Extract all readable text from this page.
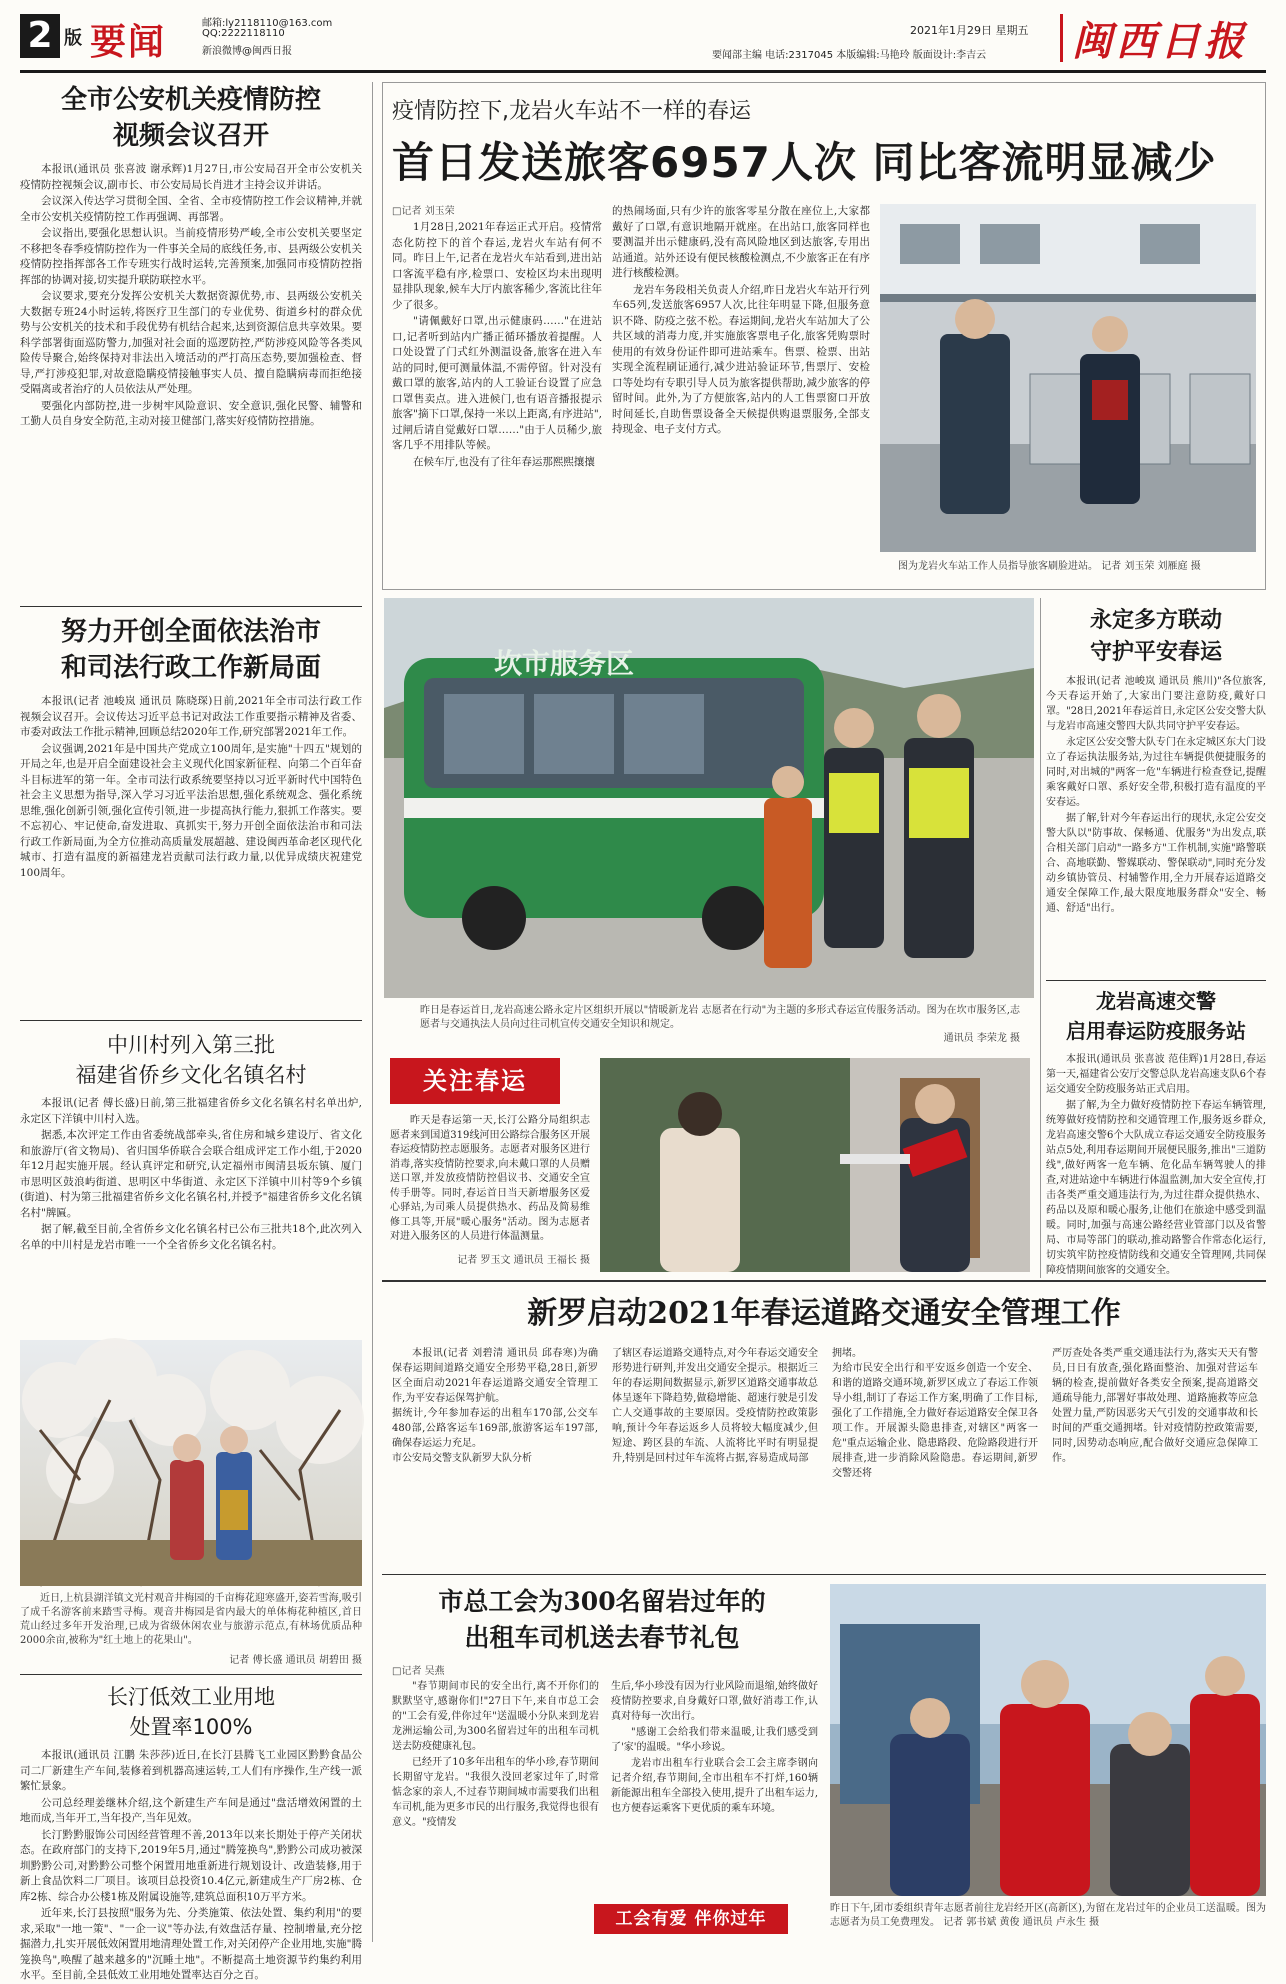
2 版 要闻	邮箱:ly2118110@163.com
QQ:2222118110
新浪微博@闽西日报
2021年1月29日 星期五
要闻部主编 电话:2317045 本版编辑:马艳玲 版面设计:李吉云 闽西日报
全市公安机关疫情防控
视频会议召开

本报讯(通讯员 张喜波 谢承辉)1月27日,市公安局召开全市公安机关疫情防控视频会议,副市长、市公安局局长肖进才主持会议并讲话。

会议深入传达学习贯彻全国、全省、全市疫情防控工作会议精神,并就全市公安机关疫情防控工作再强调、再部署。

会议指出,要强化思想认识。当前疫情形势严峻,全市公安机关要坚定不移把冬春季疫情防控作为一件事关全局的底线任务,市、县两级公安机关疫情防控指挥部各工作专班实行战时运转,完善预案,加强同市疫情防控指挥部的协调对接,切实提升联防联控水平。

会议要求,要充分发挥公安机关大数据资源优势,市、县两级公安机关大数据专班24小时运转,将医疗卫生部门的专业优势、街道乡村的群众优势与公安机关的技术和手段优势有机结合起来,达到资源信息共享效果。要科学部署街面巡防警力,加强对社会面的巡逻防控,严防涉疫风险等各类风险传导聚合,始终保持对非法出入境活动的严打高压态势,要加强检查、督导,严打涉疫犯罪,对故意隐瞒疫情接触事实人员、擅自隐瞒病毒而拒绝接受隔离或者治疗的人员依法从严处理。

要强化内部防控,进一步树牢风险意识、安全意识,强化民警、辅警和工勤人员自身安全防范,主动对接卫健部门,落实好疫情防控措施。

努力开创全面依法治市
和司法行政工作新局面

本报讯(记者 池峻岚 通讯员 陈晓琛)日前,2021年全市司法行政工作视频会议召开。会议传达习近平总书记对政法工作重要指示精神及省委、市委对政法工作批示精神,回顾总结2020年工作,研究部署2021年工作。

会议强调,2021年是中国共产党成立100周年,是实施"十四五"规划的开局之年,也是开启全面建设社会主义现代化国家新征程、向第二个百年奋斗目标进军的第一年。全市司法行政系统要坚持以习近平新时代中国特色社会主义思想为指导,深入学习习近平法治思想,强化系统观念、强化系统思维,强化创新引领,强化宣传引领,进一步提高执行能力,狠抓工作落实。要不忘初心、牢记使命,奋发进取、真抓实干,努力开创全面依法治市和司法行政工作新局面,为全方位推动高质量发展超越、建设闽西革命老区现代化城市、打造有温度的新福建龙岩贡献司法行政力量,以优异成绩庆祝建党100周年。

中川村列入第三批
福建省侨乡文化名镇名村

本报讯(记者 傅长盛)日前,第三批福建省侨乡文化名镇名村名单出炉,永定区下洋镇中川村入选。

据悉,本次评定工作由省委统战部牵头,省住房和城乡建设厅、省文化和旅游厅(省文物局)、省归国华侨联合会联合组成评定工作小组,于2020年12月起实施开展。经认真评定和研究,认定福州市闽清县坂东镇、厦门市思明区鼓浪屿街道、思明区中华街道、永定区下洋镇中川村等9个乡镇(街道)、村为第三批福建省侨乡文化名镇名村,并授予"福建省侨乡文化名镇名村"牌匾。

据了解,截至目前,全省侨乡文化名镇名村已公布三批共18个,此次列入名单的中川村是龙岩市唯一一个全省侨乡文化名镇名村。

近日,上杭县湖洋镇文光村观音井梅园的千亩梅花迎寒盛开,姿若雪海,吸引了成千名游客前来踏雪寻梅。观音井梅园是省内最大的单体梅花种植区,首日荒山经过多年开发治理,已成为省级休闲农业与旅游示范点,有林场优质品种2000余亩,被称为"红土地上的花果山"。
记者 傅长盛 通讯员 胡碧田 摄
长汀低效工业用地
处置率100%

本报讯(通讯员 江鹏 朱莎莎)近日,在长汀县腾飞工业园区黔黔食品公司二厂新建生产车间,装修着到机器高速运转,工人们有序操作,生产线一派繁忙景象。

公司总经理姜继林介绍,这个新建生产车间是通过"盘活增效闲置的土地而成,当年开工,当年投产,当年见效。

长汀黔黔服饰公司因经营管理不善,2013年以来长期处于停产关闭状态。在政府部门的支持下,2019年5月,通过"腾笼换鸟",黔黔公司成功被深圳黔黔公司,对黔黔公司整个闲置用地重新进行规划设计、改造装修,用于新上食品饮料二厂项目。该项目总投资10.4亿元,新建成生产厂房2栋、仓库2栋、综合办公楼1栋及附属设施等,建筑总面积10万平方米。

近年来,长汀县按照"服务为先、分类施策、依法处置、集约利用"的要求,采取"一地一策"、"一企一议"等办法,有效盘活存量、控制增量,充分挖掘潜力,扎实开展低效闲置用地清理处置工作,对关闭停产企业用地,实施"腾笼换鸟",唤醒了越来越多的"沉睡土地"。不断提高土地资源节约集约利用水平。至目前,全县低效工业用地处置率达百分之百。

疫情防控下,龙岩火车站不一样的春运
首日发送旅客6957人次 同比客流明显减少
□记者 刘玉荣

1月28日,2021年春运正式开启。疫情常态化防控下的首个春运,龙岩火车站有何不同。昨日上午,记者在龙岩火车站看到,进出站口客流平稳有序,检票口、安检区均未出现明显排队现象,候车大厅内旅客稀少,客流比往年少了很多。

"请佩戴好口罩,出示健康码……"在进站口,记者听到站内广播正循环播放着提醒。人口处设置了门式红外测温设备,旅客在进入车站的同时,便可测量体温,不需停留。针对没有戴口罩的旅客,站内的人工验证台设置了应急口罩售卖点。进入进候门,也有语音播报提示旅客"摘下口罩,保持一米以上距离,有序进站",过闸后请自觉戴好口罩……"由于人员稀少,旅客几乎不用排队等候。

在候车厅,也没有了往年春运那熙熙攘攘

的热闹场面,只有少许的旅客零星分散在座位上,大家都戴好了口罩,有意识地隔开就座。在出站口,旅客同样也要测温并出示健康码,没有高风险地区到达旅客,专用出站通道。站外还设有便民核酸检测点,不少旅客正在有序进行核酸检测。

龙岩车务段相关负责人介绍,昨日龙岩火车站开行列车65列,发送旅客6957人次,比往年明显下降,但服务意识不降、防疫之弦不松。春运期间,龙岩火车站加大了公共区域的消毒力度,并实施旅客票电子化,旅客凭购票时使用的有效身份证件即可进站乘车。售票、检票、出站实现全流程刷证通行,减少进站验证环节,售票厅、安检口等处均有专职引导人员为旅客提供帮助,减少旅客的停留时间。此外,为了方便旅客,站内的人工售票窗口开放时间延长,自助售票设备全天候提供购退票服务,全部支持现金、电子支付方式。

图为龙岩火车站工作人员指导旅客刷脸进站。 记者 刘玉荣 刘雁庭 摄
坎市服务区
昨日是春运首日,龙岩高速公路永定片区组织开展以"情暖新龙岩 志愿者在行动"为主题的多形式春运宣传服务活动。图为在坎市服务区,志愿者与交通执法人员向过往司机宣传交通安全知识和规定。
通讯员 李荣龙 摄
永定多方联动
守护平安春运

本报讯(记者 池峻岚 通讯员 熊川)"各位旅客,今天春运开始了,大家出门要注意防疫,戴好口罩。"28日,2021年春运首日,永定区公安交警大队与龙岩市高速交警四大队共同守护平安春运。

永定区公安交警大队专门在永定城区东大门设立了春运执法服务站,为过往车辆提供便捷服务的同时,对出城的"两客一危"车辆进行检查登记,提醒乘客戴好口罩、系好安全带,积极打造有温度的平安春运。

据了解,针对今年春运出行的现状,永定公安交警大队以"防事故、保畅通、优服务"为出发点,联合相关部门启动"一路多方"工作机制,实施"路警联合、高地联勤、警媒联动、警保联动",同时充分发动乡镇协管员、村辅警作用,全力开展春运道路交通安全保障工作,最大限度地服务群众"安全、畅通、舒适"出行。

龙岩高速交警
启用春运防疫服务站

本报讯(通讯员 张喜波 范佳辉)1月28日,春运第一天,福建省公安厅交警总队龙岩高速支队6个春运交通安全防疫服务站正式启用。

据了解,为全力做好疫情防控下春运车辆管理,统筹做好疫情防控和交通管理工作,服务返乡群众,龙岩高速交警6个大队成立春运交通安全防疫服务站点5处,利用春运期间开展便民服务,推出"三道防线",做好两客一危车辆、危化品车辆驾驶人的排查,对进站途中车辆进行体温监测,加大安全宣传,打击各类严重交通违法行为,为过往群众提供热水、药品以及原和暖心服务,让他们在旅途中感受到温暖。同时,加强与高速公路经营业管部门以及省警局、市局等部门的联动,推动路警合作常态化运行,切实筑牢防控疫情防线和交通安全管理网,共同保障疫情期间旅客的交通安全。

关注春运

昨天是春运第一天,长汀公路分局组织志愿者来到国道319线河田公路综合服务区开展春运疫情防控志愿服务。志愿者对服务区进行消毒,落实疫情防控要求,向未戴口罩的人员赠送口罩,并发放疫情防控倡议书、交通安全宣传手册等。同时,春运首日当天新增服务区爱心驿站,为司乘人员提供热水、药品及简易维修工具等,开展"暖心服务"活动。图为志愿者对进入服务区的人员进行体温测量。

记者 罗玉文 通讯员 王福长 摄
新罗启动2021年春运道路交通安全管理工作
本报讯(记者 刘碧清 通讯员 邱春寒)为确保春运期间道路交通安全形势平稳,28日,新罗区全面启动2021年春运道路交通安全管理工作,为平安春运保驾护航。
据统计,今年参加春运的出租车170部,公交车480部,公路客运车169部,旅游客运车197部,确保春运运力充足。
市公安局交警支队新罗大队分析
了辖区春运道路交通特点,对今年春运交通安全形势进行研判,并发出交通安全提示。根据近三年的春运期间数据显示,新罗区道路交通事故总体呈逐年下降趋势,做稳增能、超速行驶是引发亡人交通事故的主要原因。受疫情防控政策影响,预计今年春运返乡人员将较大幅度减少,但短途、跨区县的车流、人流将比平时有明显提升,特别是回村过年车流将占据,容易造成局部
拥堵。
为给市民安全出行和平安返乡创造一个安全、和谐的道路交通环境,新罗区成立了春运工作领导小组,制订了春运工作方案,明确了工作目标,强化了工作措施,全力做好春运道路安全保卫各项工作。开展源头隐患排查,对辖区"两客一危"重点运输企业、隐患路段、危险路段进行开展排查,进一步消除风险隐患。春运期间,新罗交警还将
严厉查处各类严重交通违法行为,落实天天有警员,日日有放查,强化路面整治、加强对营运车辆的检查,提前做好各类安全预案,提高道路交通疏导能力,部署好事故处理、道路施救等应急处置力量,严防因恶劣天气引发的交通事故和长时间的严重交通拥堵。针对疫情防控政策需要,同时,因势动态响应,配合做好交通应急保障工作。
市总工会为300名留岩过年的
出租车司机送去春节礼包
□记者 吴燕

"春节期间市民的安全出行,离不开你们的默默坚守,感谢你们!"27日下午,来自市总工会的"工会有爱,伴你过年"送温暖小分队来到龙岩龙洲运输公司,为300名留岩过年的出租车司机送去防疫健康礼包。

已经开了10多年出租车的华小珍,春节期间长期留守龙岩。"我很久没回老家过年了,时常惦念家的亲人,不过春节期间城市需要我们出租车司机,能为更多市民的出行服务,我觉得也很有意义。"疫情发

生后,华小珍没有因为行业风险而退缩,始终做好疫情防控要求,自身戴好口罩,做好消毒工作,认真对待每一次出行。

"感谢工会给我们带来温暖,让我们感受到了'家'的温暖。"华小珍说。

龙岩市出租车行业联合会工会主席李钢向记者介绍,春节期间,全市出租车不打烊,160辆新能源出租车全部投入使用,提升了出租车运力,也方便春运乘客下更优质的乘车环境。

工会有爱 伴你过年
昨日下午,团市委组织青年志愿者前往龙岩经开区(高新区),为留在龙岩过年的企业员工送温暖。图为志愿者为员工免费理发。 记者 郭书斌 黄俊 通讯员 卢永生 摄
